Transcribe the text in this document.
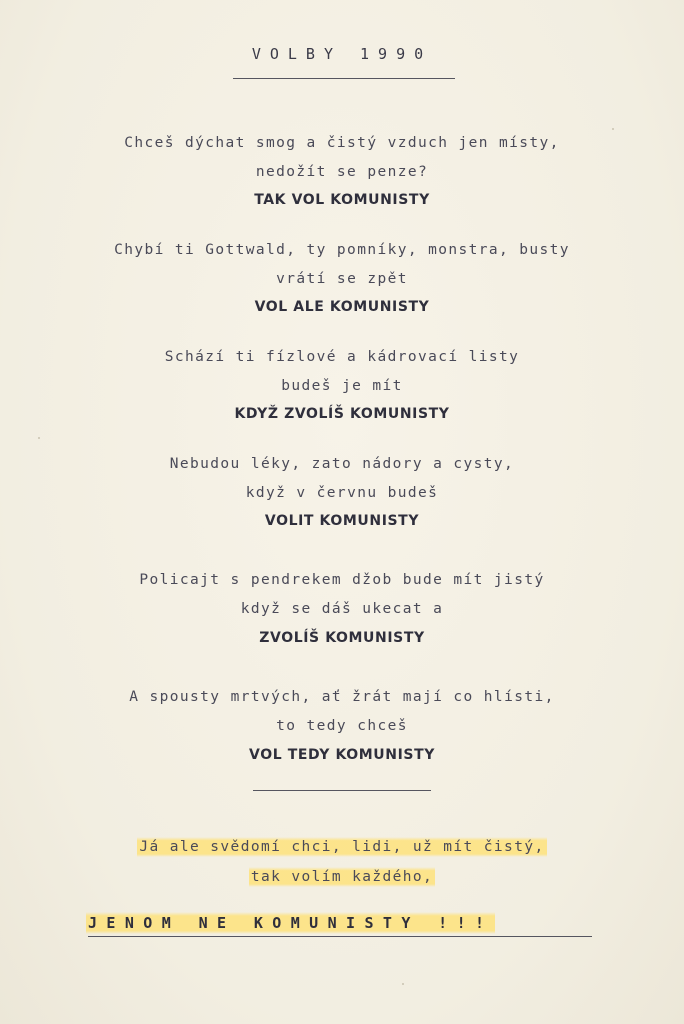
VOLBY 1990
Chceš dýchat smog a čistý vzduch jen místy,
nedožít se penze?
TAK VOL KOMUNISTY
Chybí ti Gottwald, ty pomníky, monstra, busty
vrátí se zpět
VOL ALE KOMUNISTY
Schází ti fízlové a kádrovací listy
budeš je mít
KDYŽ ZVOLÍŠ KOMUNISTY
Nebudou léky, zato nádory a cysty,
když v červnu budeš
VOLIT KOMUNISTY
Policajt s pendrekem džob bude mít jistý
když se dáš ukecat a
ZVOLÍŠ KOMUNISTY
A spousty mrtvých, ať žrát mají co hlísti,
to tedy chceš
VOL TEDY KOMUNISTY
Já ale svědomí chci, lidi, už mít čistý,
tak volím každého,
JENOM NE KOMUNISTY !!!
